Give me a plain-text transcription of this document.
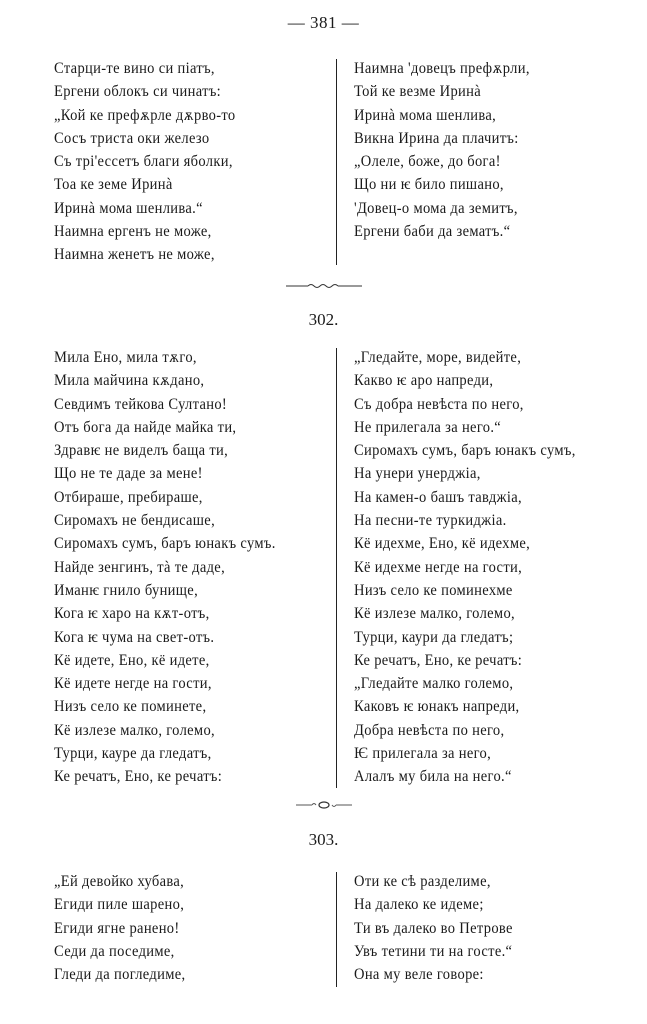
— 381 —
Старци-те вино си піатъ,
Ергени облокъ си чинатъ:
„Кой ке префѫрле дѫрво-то
Сосъ триста оки железо
Съ трі'ессетъ благи яболки,
Тоа ке земе Иринà
Иринà мома шенлива.“
Наимна ергенъ не може,
Наимна женетъ не може,
Наимна 'довецъ префѫрли,
Той ке везме Иринà
Иринà мома шенлива,
Викна Ирина да плачитъ:
„Олеле, боже, до бога!
Що ни ѥ било пишано,
'Довец-о мома да земитъ,
Ергени баби да зематъ.“
302.
Мила Ено, мила тѫго,
Мила майчина кѫдано,
Севдимъ тейкова Султано!
Отъ бога да найде майка ти,
Здравѥ не виделъ баща ти,
Що не те даде за мене!
Отбираше, пребираше,
Сиромахъ не бендисаше,
Сиромахъ сумъ, баръ юнакъ сумъ.
Найде зенгинъ, тà те даде,
Иманѥ гнило бунище,
Кога ѥ харо на кѫт-отъ,
Кога ѥ чума на свет-отъ.
Кё идете, Ено, кё идете,
Кё идете негде на гости,
Низъ село ке поминете,
Кё излезе малко, големо,
Турци, кауре да гледатъ,
Ке речатъ, Ено, ке речатъ:
„Гледайте, море, видейте,
Какво ѥ аро напреди,
Съ добра невѣста по него,
Не прилегала за него.“
Сиромахъ сумъ, баръ юнакъ сумъ,
На унери унерджіа,
На камен-о башъ тавджіа,
На песни-те туркиджіа.
Кё идехме, Ено, кё идехме,
Кё идехме негде на гости,
Низъ село ке поминехме
Кё излезе малко, големо,
Турци, каури да гледатъ;
Ке речатъ, Ено, ке речатъ:
„Гледайте малко големо,
Каковъ ѥ юнакъ напреди,
Добра невѣста по него,
Ѥ прилегала за него,
Алалъ му била на него.“
303.
„Ей девойко хубава,
Егиди пиле шарено,
Егиди ягне ранено!
Седи да поседиме,
Гледи да погледиме,
Оти ке сѣ разделиме,
На далеко ке идеме;
Ти въ далеко во Петрове
Увъ тетини ти на госте.“
Она му веле говоре:
